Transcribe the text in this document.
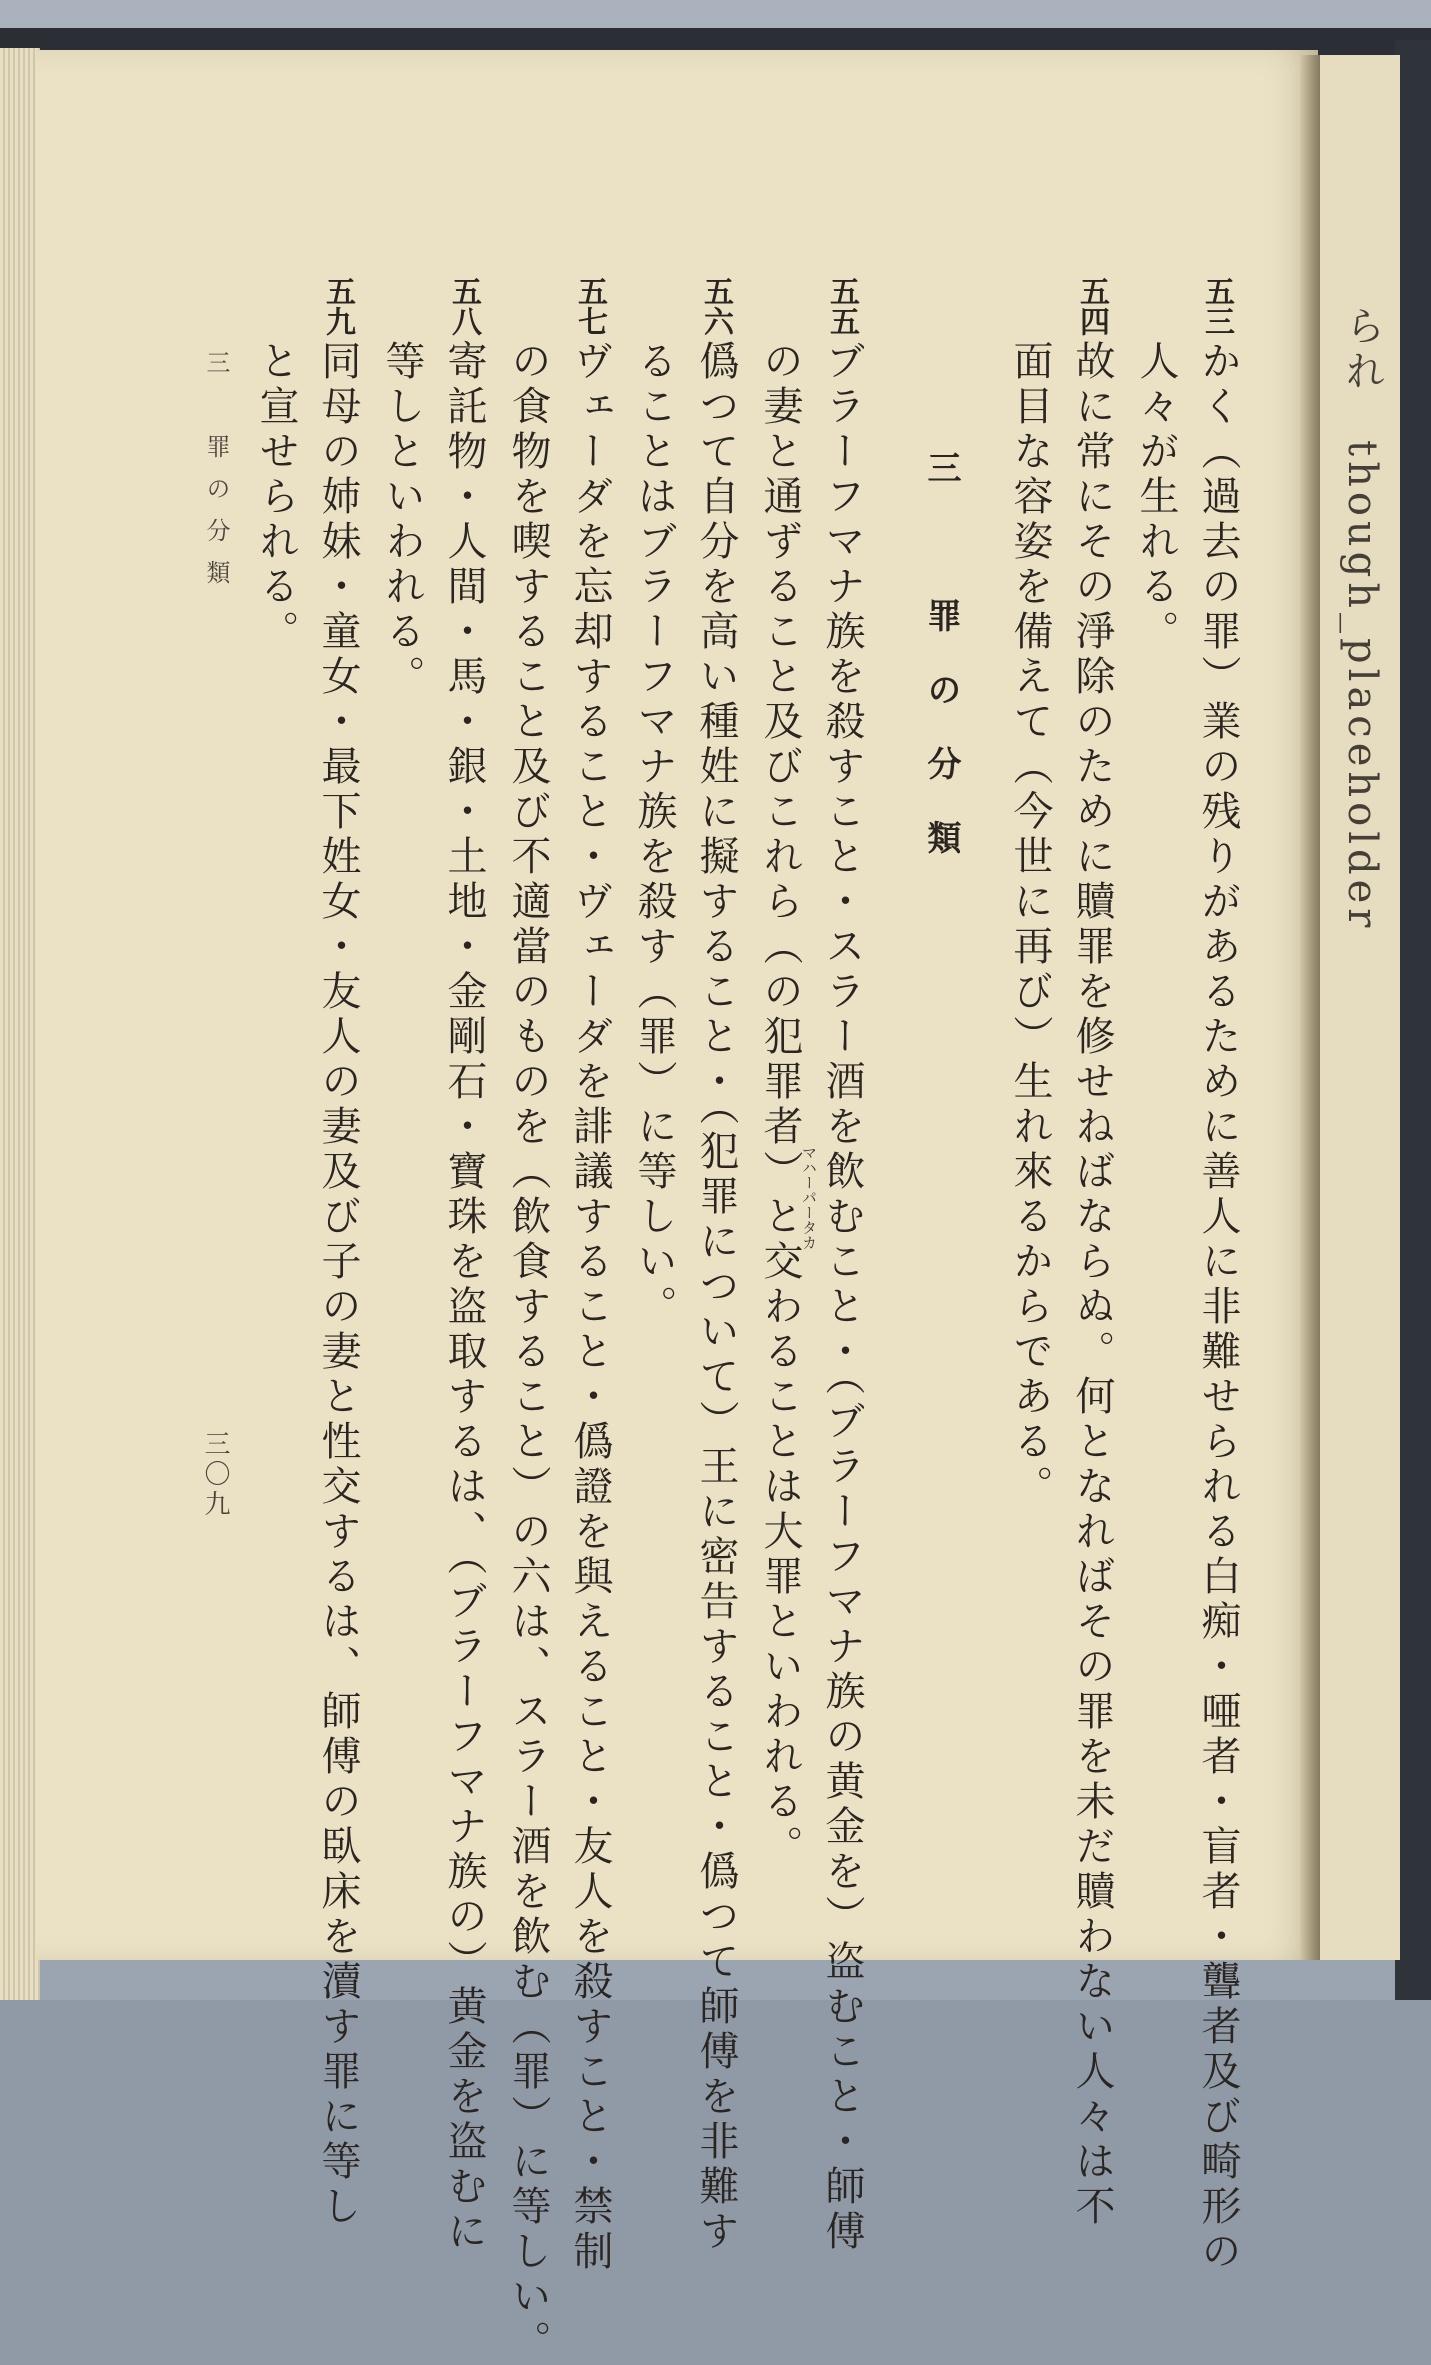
五三
かく（過去の罪）業の残りがあるために善人に非難せられる白痴・唖者・盲者・聾者及び畸形の
人々が生れる。
五四
故に常にその淨除のために贖罪を修せねばならぬ。何となればその罪を未だ贖わない人々は不
面目な容姿を備えて（今世に再び）生れ來るからである。
三　罪の分類
五五
ブラーフマナ族を殺すこと・スラー酒を飲むこと・（ブラーフマナ族の黄金を）盗むこと・師傅
の妻と通ずること及びこれら（の犯罪者）と交わることは大罪といわれる。
マハーパータカ
五六
僞つて自分を高い種姓に擬すること・（犯罪について）王に密告すること・僞つて師傅を非難す
ることはブラーフマナ族を殺す（罪）に等しい。
五七
ヴェーダを忘却すること・ヴェーダを誹議すること・僞證を與えること・友人を殺すこと・禁制
の食物を喫すること及び不適當のものを（飲食すること）の六は、スラー酒を飲む（罪）に等しい。
五八
寄託物・人間・馬・銀・土地・金剛石・寶珠を盗取するは、（ブラーフマナ族の）黄金を盗むに
等しといわれる。
五九
同母の姉妹・童女・最下姓女・友人の妻及び子の妻と性交するは、師傅の臥床を瀆す罪に等し
と宣せられる。
三　罪の分類
三〇九
られ　though_placeholder
